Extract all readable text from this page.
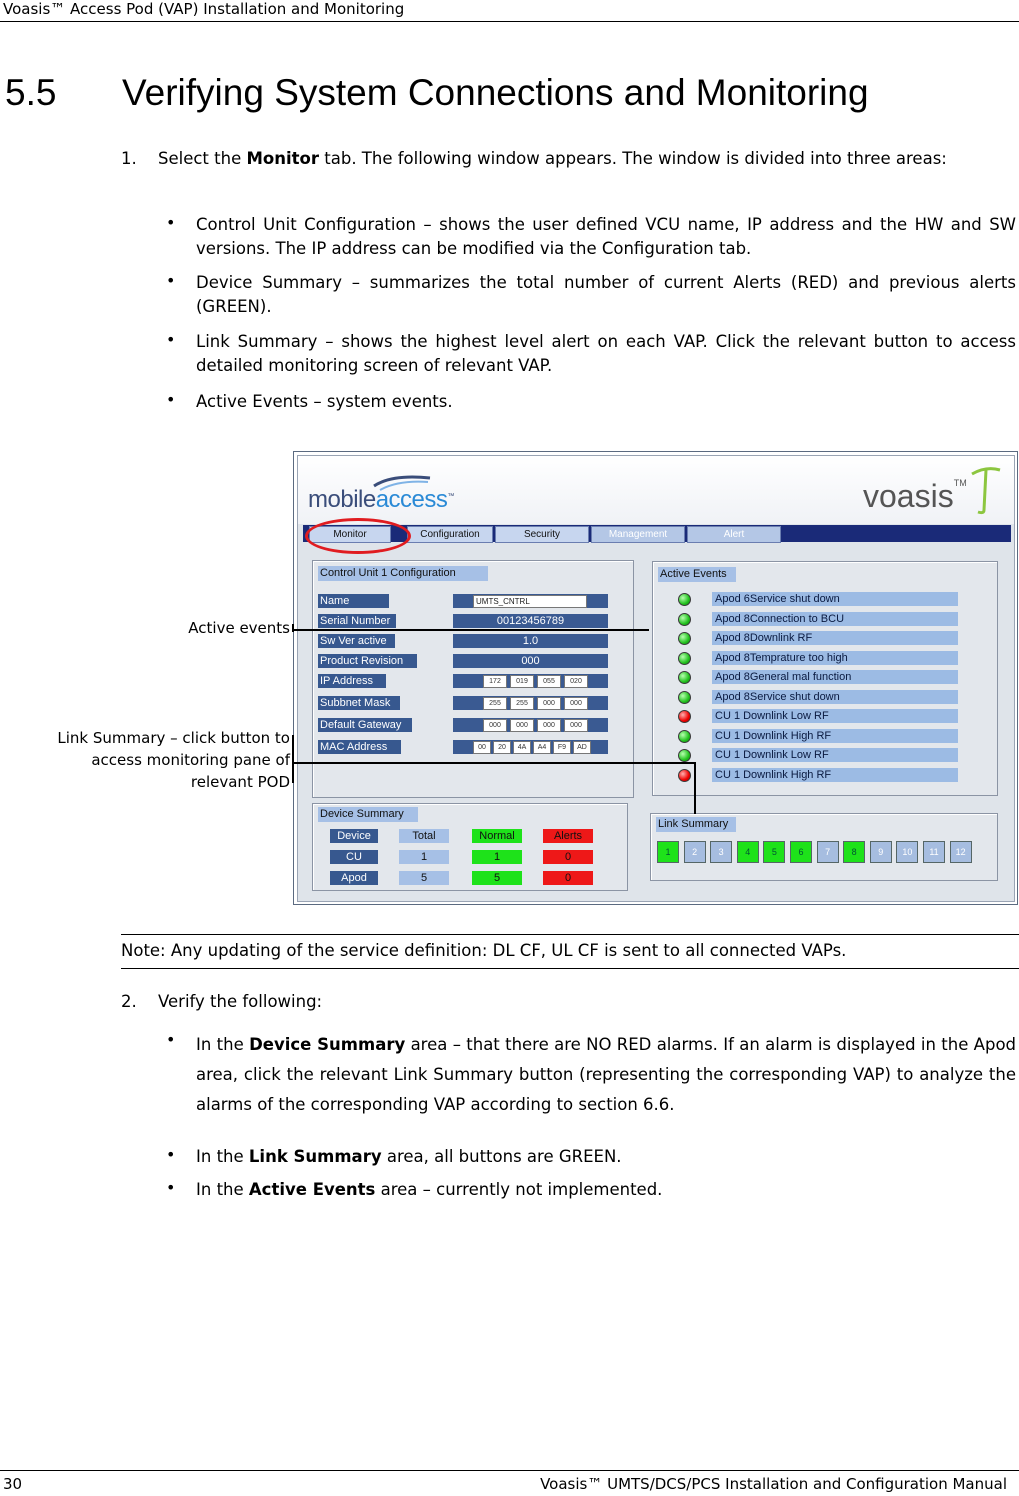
Voasis™ Access Pod (VAP) Installation and Monitoring
5.5 Verifying System Connections and Monitoring
1. Select the Monitor tab. The following window appears. The window is divided into three areas:
• Control Unit Configuration – shows the user defined VCU name, IP address and the HW and SW versions. The IP address can be modified via the Configuration tab.
• Device Summary – summarizes the total number of current Alerts (RED) and previous alerts (GREEN).
• Link Summary – shows the highest level alert on each VAP. Click the relevant button to access detailed monitoring screen of relevant VAP.
• Active Events – system events.
Active events
Link Summary – click button to
access monitoring pane of
relevant POD
mobileaccess™	voasis™
Monitor	Configuration	Security	Management	Alert
Control Unit 1 Configuration
Name	UMTS_CNTRL
Serial Number	00123456789
Sw Ver active	1.0
Product Revision	000
IP Address	172	019	055	020
Subbnet Mask	255	255	000	000
Default Gateway	000	000	000	000
MAC Address	00	20	4A	A4	F9	AD
Active Events
Apod 6Service shut down
Apod 8Connection to BCU
Apod 8Downlink RF
Apod 8Temprature too high
Apod 8General mal function
Apod 8Service shut down
CU 1 Downlink Low RF
CU 1 Downlink High RF
CU 1 Downlink Low RF
CU 1 Downlink High RF
Device Summary
Device	Total	Normal	Alerts
CU	1	1	0
Apod	5	5	0
Link Summary
1	2	3	4	5	6	7	8	9	10	11	12
Note: Any updating of the service definition: DL CF, UL CF is sent to all connected VAPs.
2. Verify the following:
• In the Device Summary area – that there are NO RED alarms. If an alarm is displayed in the Apod area, click the relevant Link Summary button (representing the corresponding VAP) to analyze the alarms of the corresponding VAP according to section 6.6.
• In the Link Summary area, all buttons are GREEN.
• In the Active Events area – currently not implemented.
30	Voasis™ UMTS/DCS/PCS Installation and Configuration Manual
